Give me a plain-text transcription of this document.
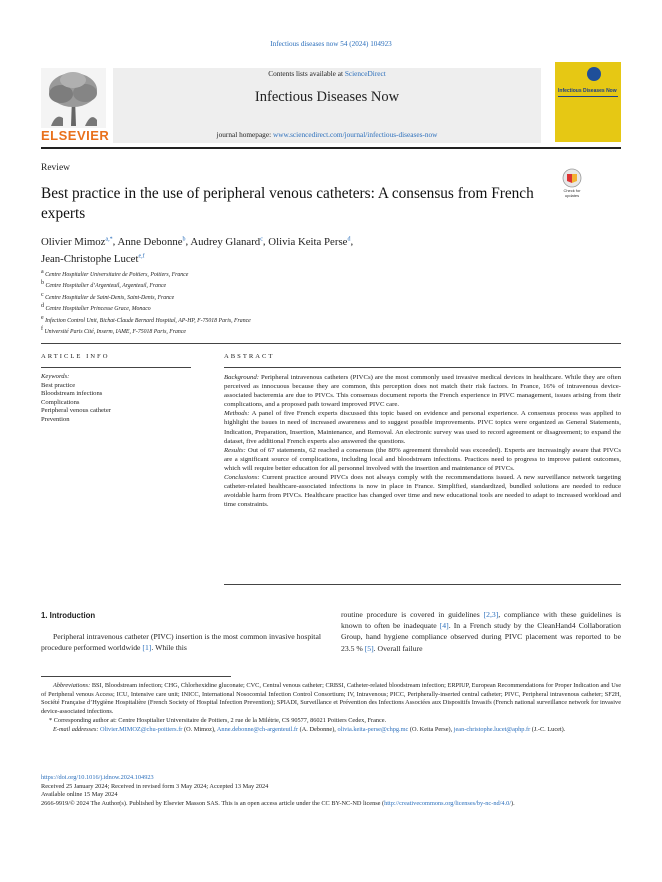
Infectious diseases now 54 (2024) 104923
ELSEVIER
Contents lists available at ScienceDirect
Infectious Diseases Now
journal homepage: www.sciencedirect.com/journal/infectious-diseases-now
Infectious Diseases Now
Review
Best practice in the use of peripheral venous catheters: A consensus from French experts
Check for updates
Olivier Mimoz$^{a,*}$, Anne Debonne$^b$, Audrey Glanard$^c$, Olivia Keita Perse$^d$,
Jean-Christophe Lucet$^{e,f}$
$^a$ Centre Hospitalier Universitaire de Poitiers, Poitiers, France
$^b$ Centre Hospitalier d’Argenteuil, Argenteuil, France
$^c$ Centre Hospitalier de Saint-Denis, Saint-Denis, France
$^d$ Centre Hospitalier Princesse Grace, Monaco
$^e$ Infection Control Unit, Bichat-Claude Bernard Hospital, AP-HP, F-75018 Paris, France
$^f$ Université Paris Cité, Inserm, IAME, F-75018 Paris, France
ARTICLE INFO	ABSTRACT
Keywords:
Best practice
Bloodstream infections
Complications
Peripheral venous catheter
Prevention
Background: Peripheral intravenous catheters (PIVCs) are the most commonly used invasive medical devices in healthcare. While they are often perceived as innocuous because they are common, this perception does not match their risk factors. In France, 16% of intravenous device-associated bacteremia are due to PIVCs. This consensus document reports the French experience in PIVC management, issues arising from their complications, and a proposed path toward improved PIVC care.
Methods: A panel of five French experts discussed this topic based on evidence and personal experience. A consensus process was applied to highlight the issues in need of increased awareness and to suggest possible improvements. PIVC topics were organized as General Statements, Indication, Preparation, Insertion, Maintenance, and Removal. An electronic survey was used to record agreement or disagreement; to expand the dataset, five additional French experts also answered the questions.
Results: Out of 67 statements, 62 reached a consensus (the 80% agreement threshold was exceeded). Experts are increasingly aware that PIVCs are a significant source of complications, including local and bloodstream infections. Practices need to progress to improve patient outcomes, which will require better education for all personnel involved with the insertion and maintenance of PIVCs.
Conclusions: Current practice around PIVCs does not always comply with the recommendations issued. A new surveillance network targeting catheter-related healthcare-associated infections is now in place in France. Simplified, standardized, bundled solutions are needed to reduce avoidable harm from PIVCs. Healthcare practice has changed over time and new educational tools are needed to adapt to increased workload and time constraints.
1. Introduction
Peripheral intravenous catheter (PIVC) insertion is the most common invasive hospital procedure performed worldwide [1]. While this
routine procedure is covered in guidelines [2,3], compliance with these guidelines is known to often be inadequate [4]. In a French study by the CleanHand4 Collaboration Group, hand hygiene compliance observed during PIVC placement was reported to be 23.5 % [5]. Overall failure
Abbreviations: BSI, Bloodstream infection; CHG, Chlorhexidine gluconate; CVC, Central venous catheter; CRBSI, Catheter-related bloodstream infection; ERPIUP, European Recommendations for Proper Indication and Use of Peripheral venous Access; ICU, Intensive care unit; INICC, International Nosocomial Infection Control Consortium; IV, Intravenous; PICC, Peripherally-inserted central catheter; PIVC, Peripheral intravenous catheter; SF2H, Société Française d’Hygiène Hospitalière (French Society of Hospital Infection Prevention); SPIADI, Surveillance et Prévention des Infections Associées aux Dispositifs Invasifs (French national surveillance network for invasive device-associated infections.
* Corresponding author at: Centre Hospitalier Universitaire de Poitiers, 2 rue de la Milétrie, CS 90577, 86021 Poitiers Cedex, France.
E-mail addresses: Olivier.MIMOZ@chu-poitiers.fr (O. Mimoz), Anne.debonne@ch-argenteuil.fr (A. Debonne), olivia.keita-perse@chpg.mc (O. Keita Perse), jean-christophe.lucet@aphp.fr (J.-C. Lucet).
https://doi.org/10.1016/j.idnow.2024.104923
Received 25 January 2024; Received in revised form 3 May 2024; Accepted 13 May 2024
Available online 15 May 2024
2666-9919/© 2024 The Author(s). Published by Elsevier Masson SAS. This is an open access article under the CC BY-NC-ND license (http://creativecommons.org/licenses/by-nc-nd/4.0/).
